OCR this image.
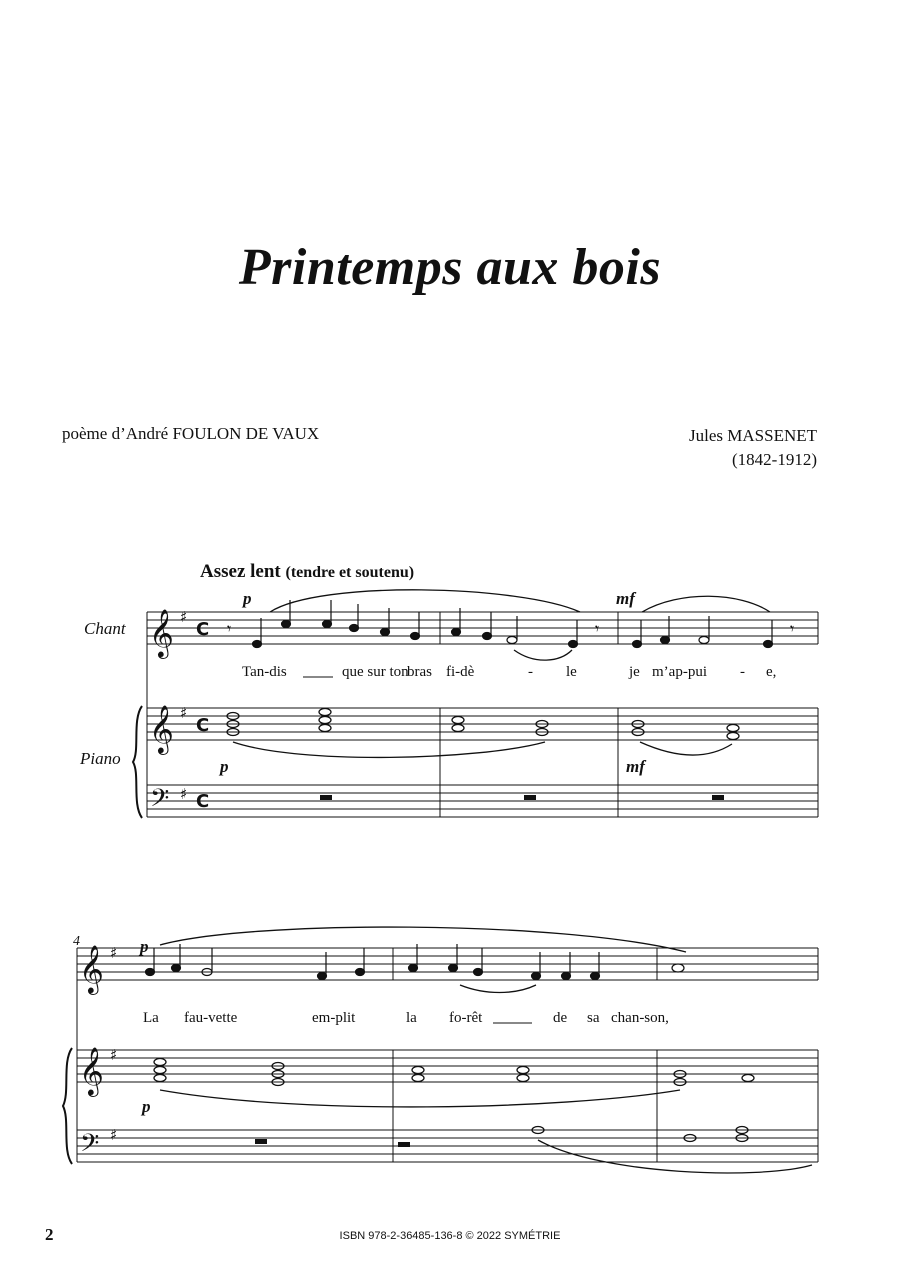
Printemps aux bois
poème d’André FOULON DE VAUX	Jules MASSENET
(1842-1912)
Assez lent (tendre et soutenu)
Chant
Piano
𝄞
𝄞
𝄢
♯
♯
♯
C
C
C
𝄞
𝄞
𝄢
♯
♯
♯
𝄾	𝄾	𝄾
p	mf
p	mf
p
p
4
Tan-dis	que sur ton
bras fi-dè	- le	je m’ap-pui - e,
La fau-vette	em-plit	la fo-rêt	de sa chan-son,
2	ISBN 978-2-36485-136-8 © 2022 SYMÉTRIE
